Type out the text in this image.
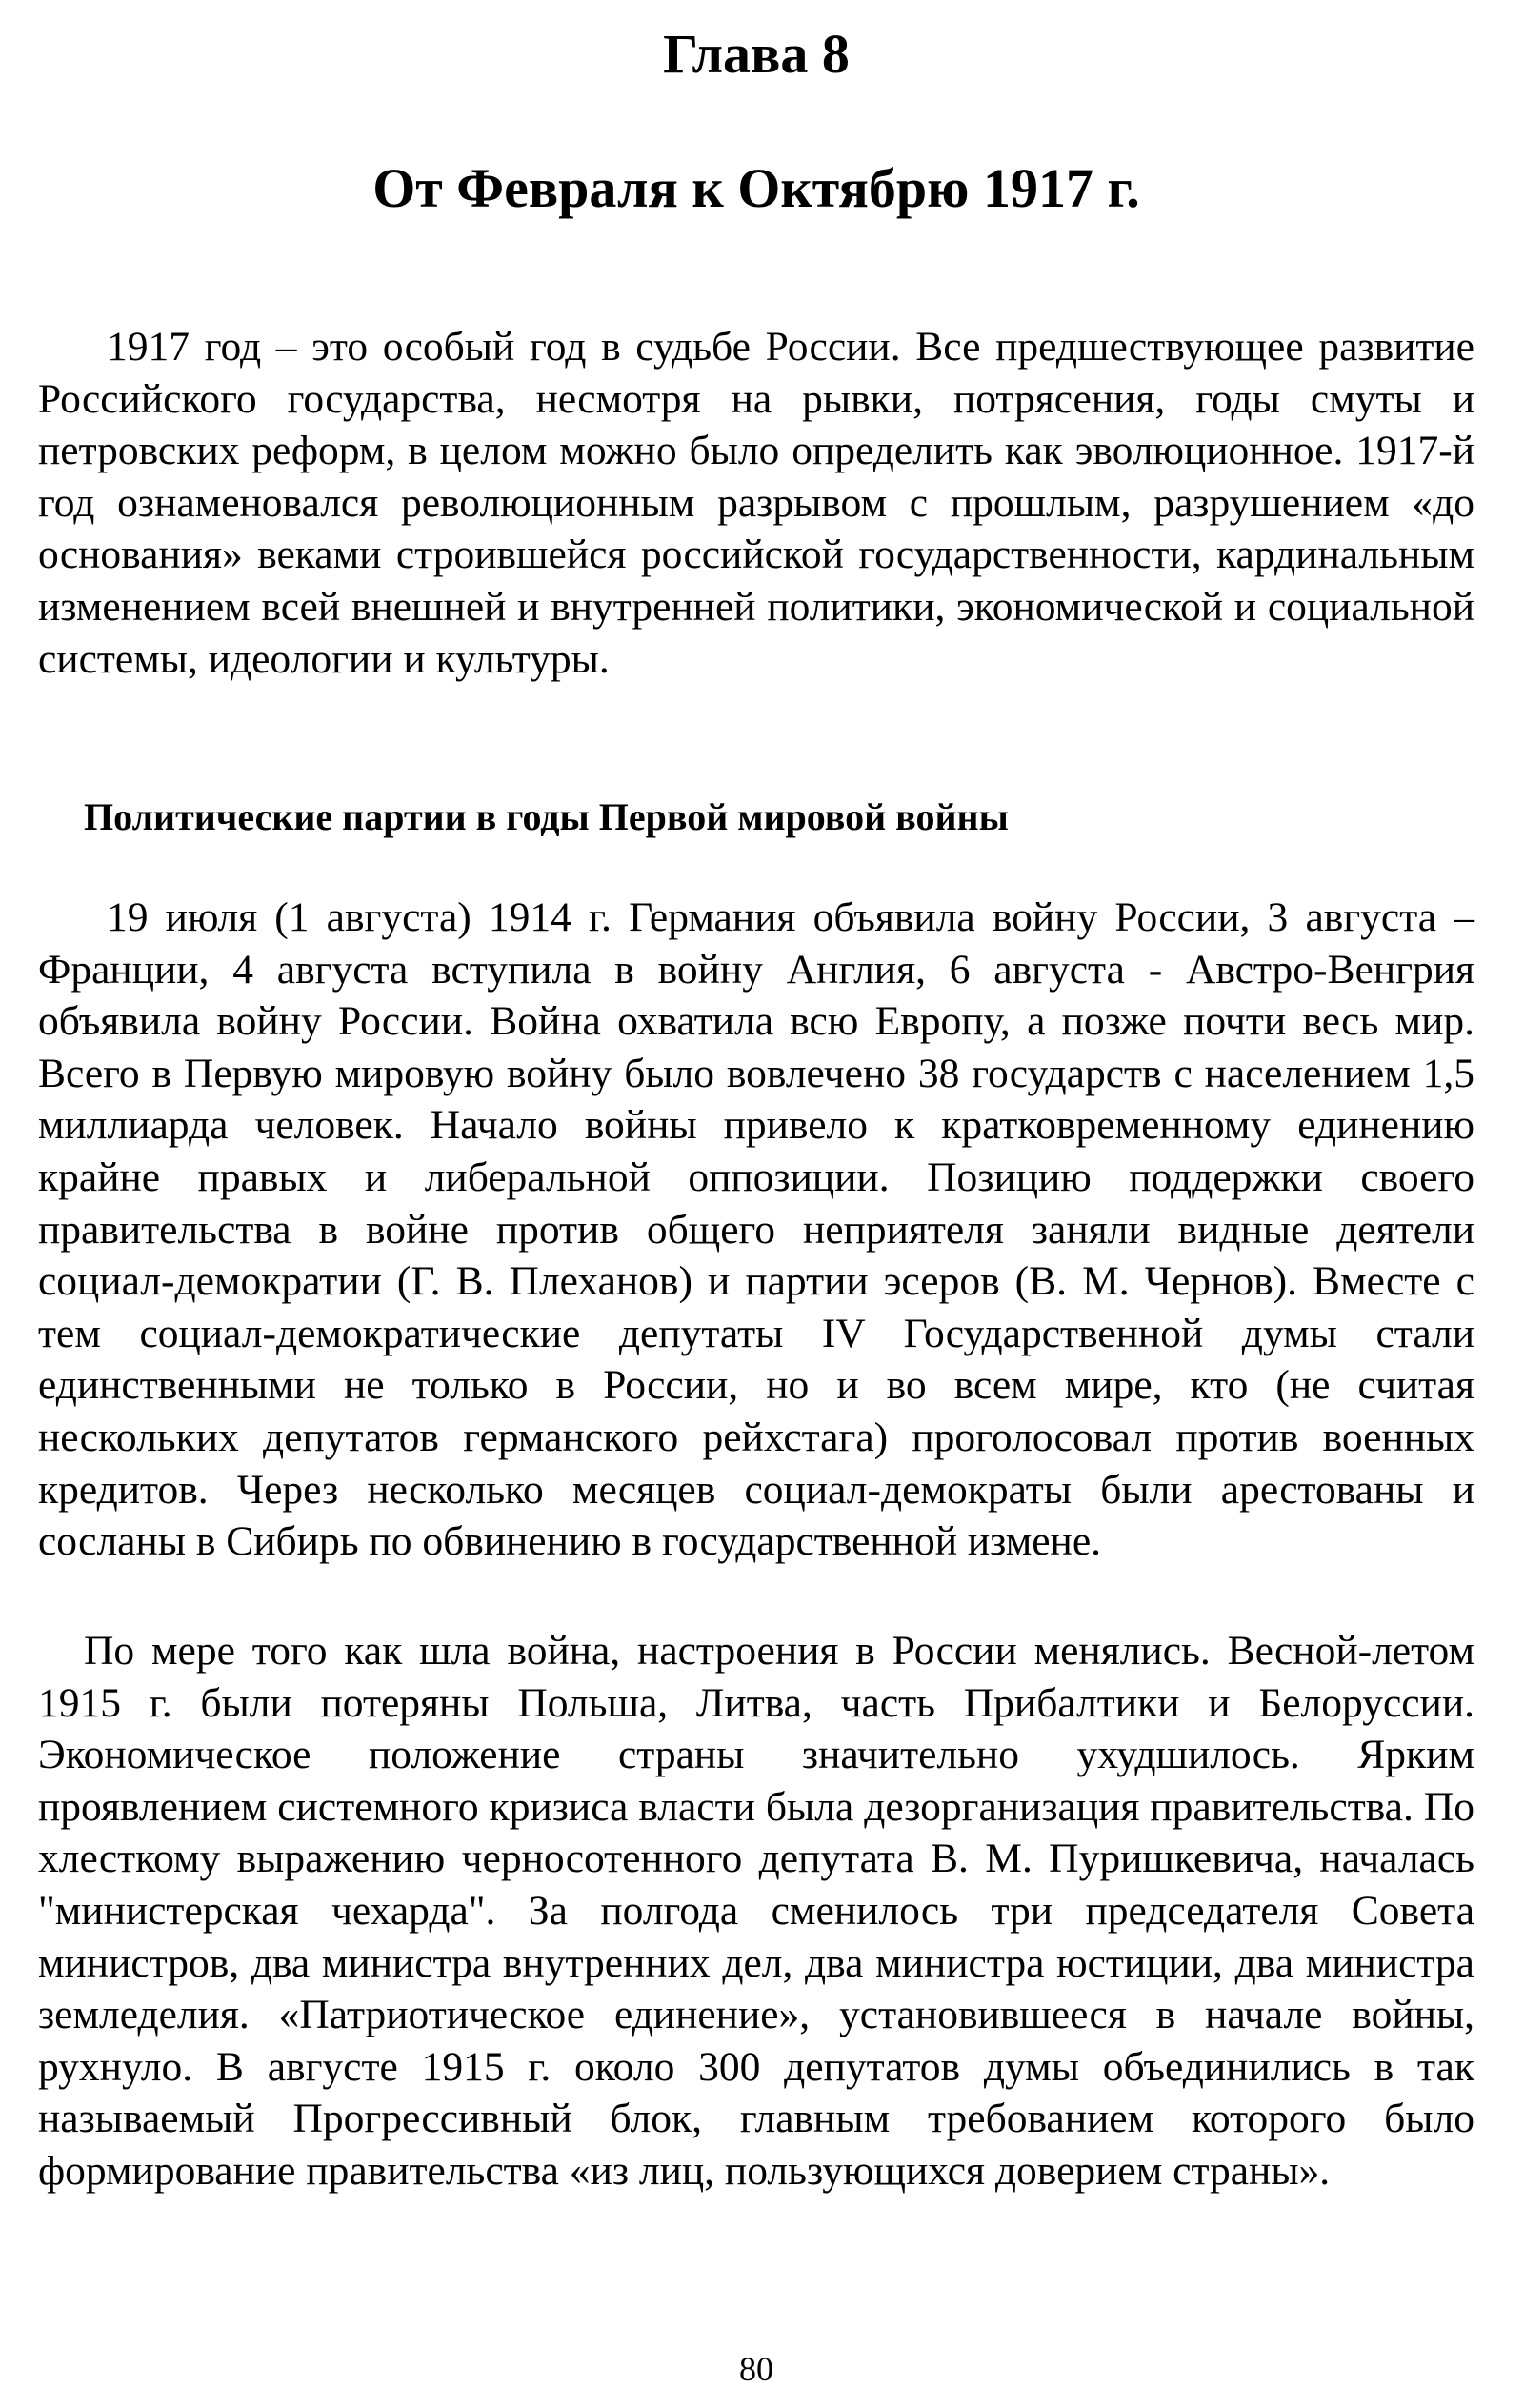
Глава 8
От Февраля к Октябрю 1917 г.

1917 год – это особый год в судьбе России. Все предшествующее развитие Российского государства, несмотря на рывки, потрясения, годы смуты и петровских реформ, в целом можно было определить как эволюционное. 1917-й год ознаменовался революционным разрывом с прошлым, разрушением «до основания» веками строившейся российской государственности, кардинальным изменением всей внешней и внутренней политики, экономической и социальной системы, идеологии и культуры.

Политические партии в годы Первой мировой войны

19 июля (1 августа) 1914 г. Германия объявила войну России, 3 августа – Франции, 4 августа вступила в войну Англия, 6 августа - Австро-Венгрия объявила войну России. Война охватила всю Европу, а позже почти весь мир. Всего в Первую мировую войну было вовлечено 38 государств с населением 1,5 миллиарда человек. Начало войны привело к кратковременному единению крайне правых и либеральной оппозиции. Позицию поддержки своего правительства в войне против общего неприятеля заняли видные деятели социал-демократии (Г. В. Плеханов) и партии эсеров (В. М. Чернов). Вместе с тем социал-демократические депутаты IV Государственной думы стали единственными не только в России, но и во всем мире, кто (не считая нескольких депутатов германского рейхстага) проголосовал против военных кредитов. Через несколько месяцев социал-демократы были арестованы и сосланы в Сибирь по обвинению в государственной измене.

По мере того как шла война, настроения в России менялись. Весной-летом 1915 г. были потеряны Польша, Литва, часть Прибалтики и Белоруссии. Экономическое положение страны значительно ухудшилось. Ярким проявлением системного кризиса власти была дезорганизация правительства. По хлесткому выражению черносотенного депутата В. М. Пуришкевича, началась "министерская чехарда". За полгода сменилось три председателя Совета министров, два министра внутренних дел, два министра юстиции, два министра земледелия. «Патриотическое единение», установившееся в начале войны, рухнуло. В августе 1915 г. около 300 депутатов думы объединились в так называемый Прогрессивный блок, главным требованием которого было формирование правительства «из лиц, пользующихся доверием страны».

80
